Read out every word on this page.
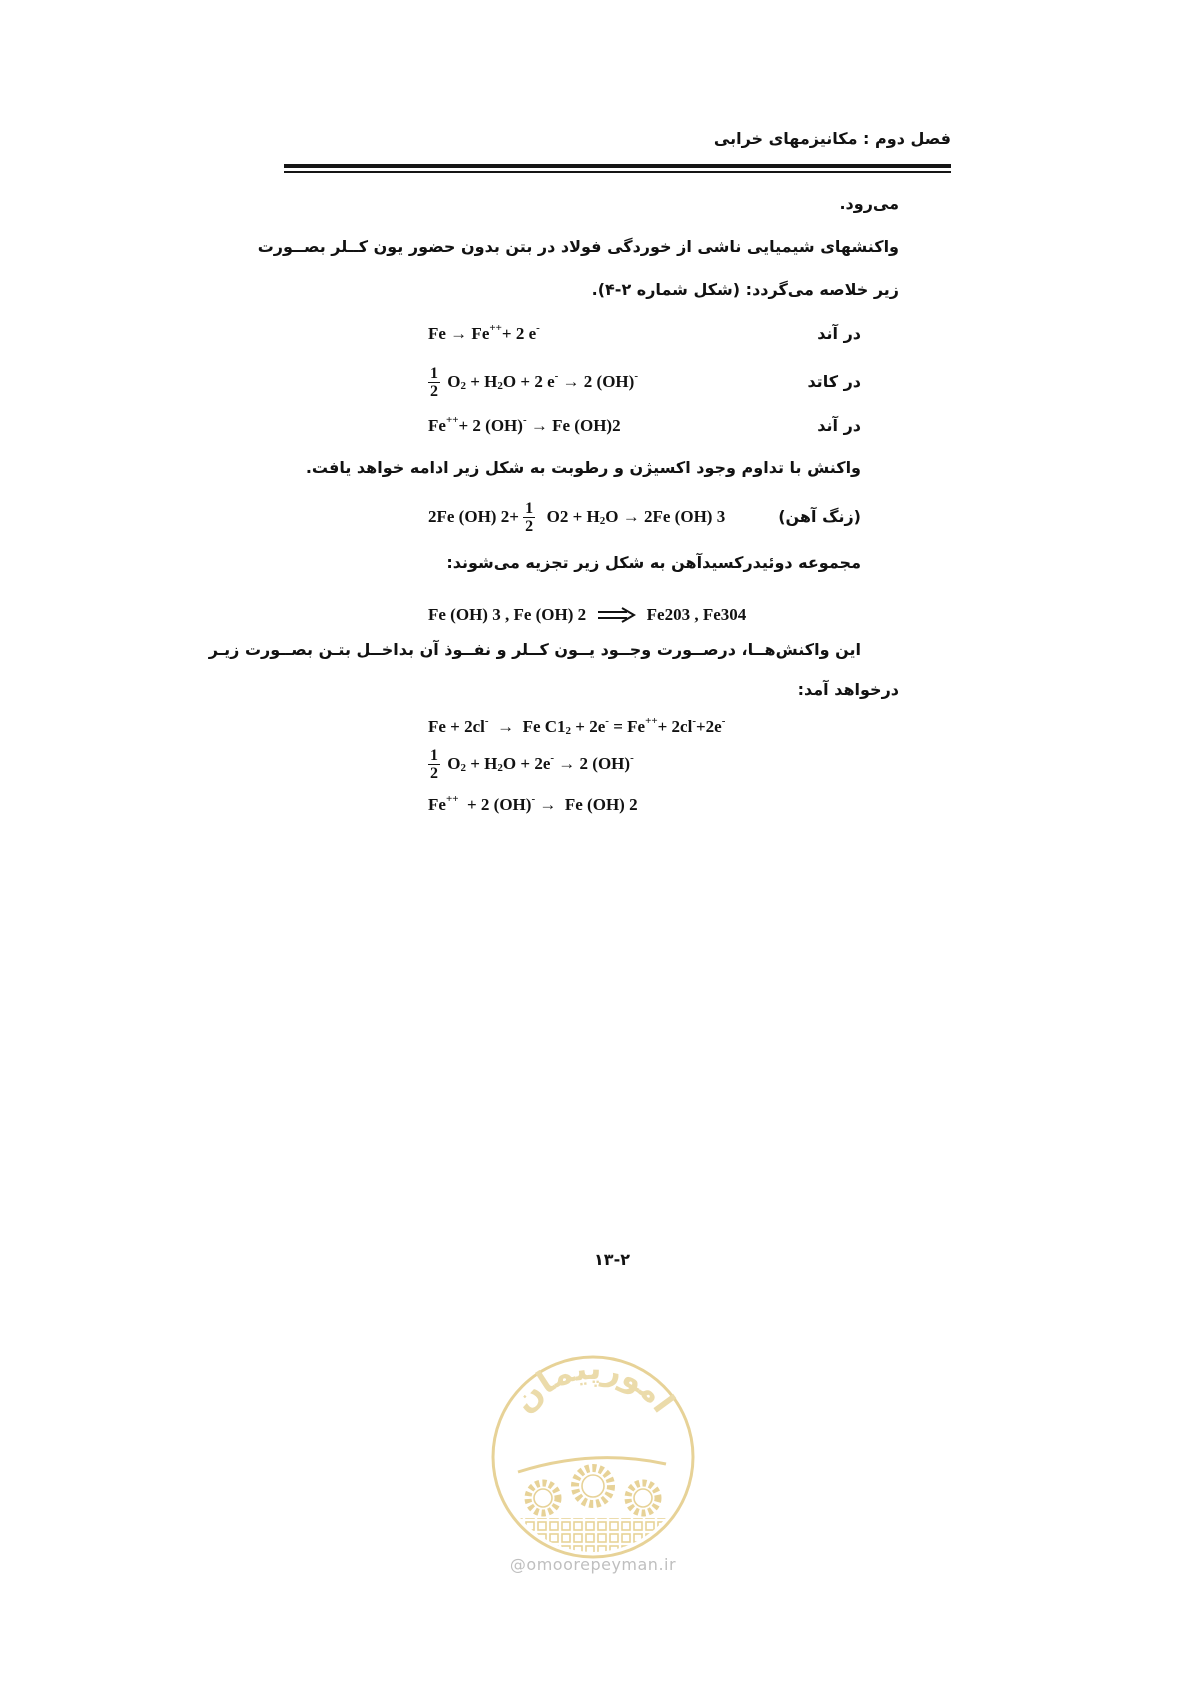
فصل دوم : مکانیزمهای خرابی
می‌رود.
واکنشهای شیمیایی ناشی از خوردگی فولاد در بتن بدون حضور یون کــلر بصــورت
زیر خلاصه می‌گردد: (شکل شماره ۲-۴).
در آند
Fe → Fe ++ + 2 e -
در کاتد
$\frac{1}{2}$ O 2 + H 2 O + 2 e - → 2 (OH) -
در آند
Fe ++ + 2 (OH) - → Fe (OH)2
واکنش با تداوم وجود اکسیژن و رطوبت به شکل زیر ادامه خواهد یافت.
(زنگ آهن)
2Fe (OH) $2+ \frac{1}{2} O2 + H$ 2 O → 2Fe (OH) 3
مجموعه دوئیدرکسیدآهن به شکل زیر تجزیه می‌شوند:
Fe (OH) 3 , Fe (OH) 2	Fe203 , Fe304
این واکنش‌هــا، درصــورت وجــود یــون کــلر و نفــوذ آن بداخــل بتـن بصــورت زیـر
درخواهد آمد:
Fe + 2cl - →  Fe C1 2 + 2e - = Fe ++ + 2cl - +2e -
$\frac{1}{2}$ O 2 + H 2 O + 2e - → 2 (OH) -
Fe ++ + 2 (OH) - →  Fe (OH) 2
۱۳-۲
امورپیمان
@omoorepeyman.ir
